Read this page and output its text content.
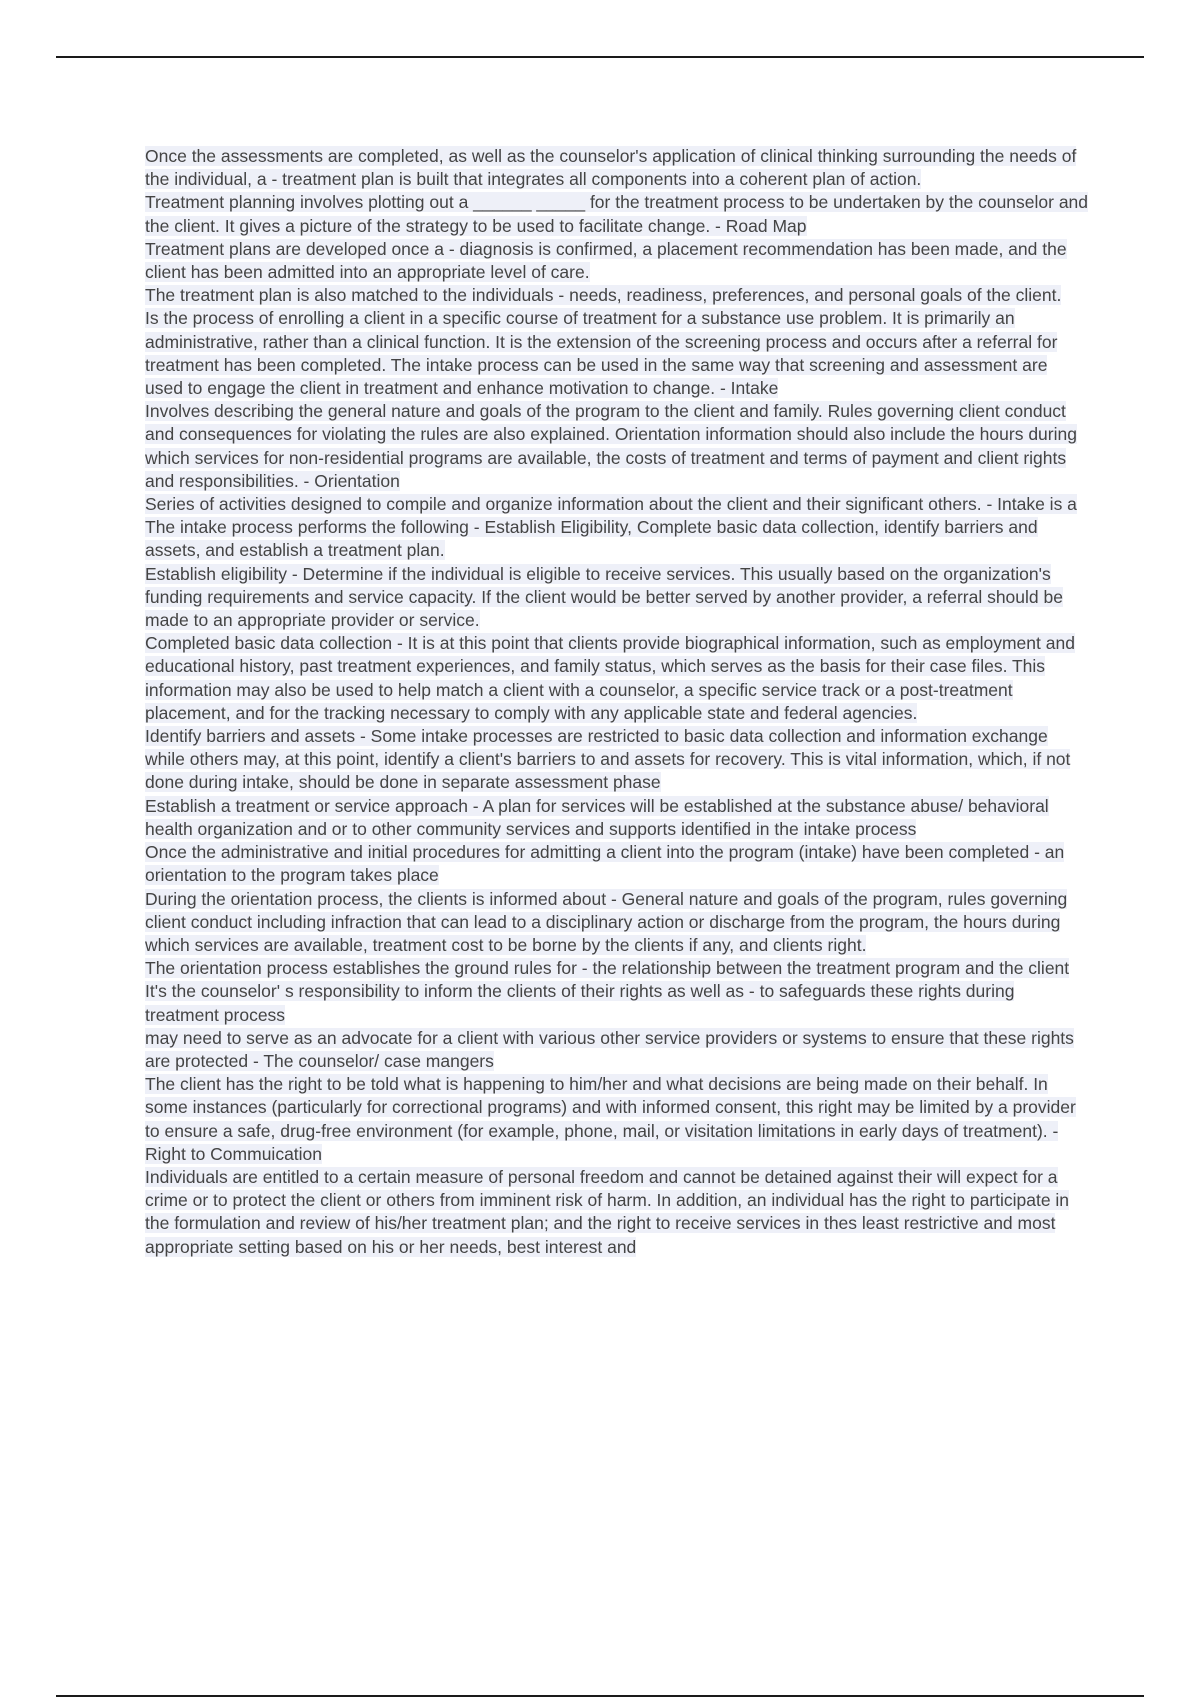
Once the assessments are completed, as well as the counselor's application of clinical thinking surrounding the needs of the individual, a - treatment plan is built that integrates all components into a coherent plan of action.

Treatment planning involves plotting out a ______ _____ for the treatment process to be undertaken by the counselor and the client. It gives a picture of the strategy to be used to facilitate change. - Road Map

Treatment plans are developed once a - diagnosis is confirmed, a placement recommendation has been made, and the client has been admitted into an appropriate level of care.

The treatment plan is also matched to the individuals - needs, readiness, preferences, and personal goals of the client.

Is the process of enrolling a client in a specific course of treatment for a substance use problem. It is primarily an administrative, rather than a clinical function. It is the extension of the screening process and occurs after a referral for treatment has been completed. The intake process can be used in the same way that screening and assessment are used to engage the client in treatment and enhance motivation to change. - Intake

Involves describing the general nature and goals of the program to the client and family. Rules governing client conduct and consequences for violating the rules are also explained. Orientation information should also include the hours during which services for non-residential programs are available, the costs of treatment and terms of payment and client rights and responsibilities. - Orientation

Series of activities designed to compile and organize information about the client and their significant others. - Intake is a

The intake process performs the following - Establish Eligibility, Complete basic data collection, identify barriers and assets, and establish a treatment plan.

Establish eligibility - Determine if the individual is eligible to receive services. This usually based on the organization's funding requirements and service capacity. If the client would be better served by another provider, a referral should be made to an appropriate provider or service.

Completed basic data collection - It is at this point that clients provide biographical information, such as employment and educational history, past treatment experiences, and family status, which serves as the basis for their case files. This information may also be used to help match a client with a counselor, a specific service track or a post-treatment placement, and for the tracking necessary to comply with any applicable state and federal agencies.

Identify barriers and assets - Some intake processes are restricted to basic data collection and information exchange while others may, at this point, identify a client's barriers to and assets for recovery. This is vital information, which, if not done during intake, should be done in separate assessment phase

Establish a treatment or service approach - A plan for services will be established at the substance abuse/ behavioral health organization and or to other community services and supports identified in the intake process

Once the administrative and initial procedures for admitting a client into the program (intake) have been completed - an orientation to the program takes place

During the orientation process, the clients is informed about - General nature and goals of the program, rules governing client conduct including infraction that can lead to a disciplinary action or discharge from the program, the hours during which services are available, treatment cost to be borne by the clients if any, and clients right.

The orientation process establishes the ground rules for - the relationship between the treatment program and the client

It's the counselor' s responsibility to inform the clients of their rights as well as - to safeguards these rights during treatment process

may need to serve as an advocate for a client with various other service providers or systems to ensure that these rights are protected - The counselor/ case mangers

The client has the right to be told what is happening to him/her and what decisions are being made on their behalf. In some instances (particularly for correctional programs) and with informed consent, this right may be limited by a provider to ensure a safe, drug-free environment (for example, phone, mail, or visitation limitations in early days of treatment). - Right to Commuication

Individuals are entitled to a certain measure of personal freedom and cannot be detained against their will expect for a crime or to protect the client or others from imminent risk of harm. In addition, an individual has the right to participate in the formulation and review of his/her treatment plan; and the right to receive services in thes least restrictive and most appropriate setting based on his or her needs, best interest and
